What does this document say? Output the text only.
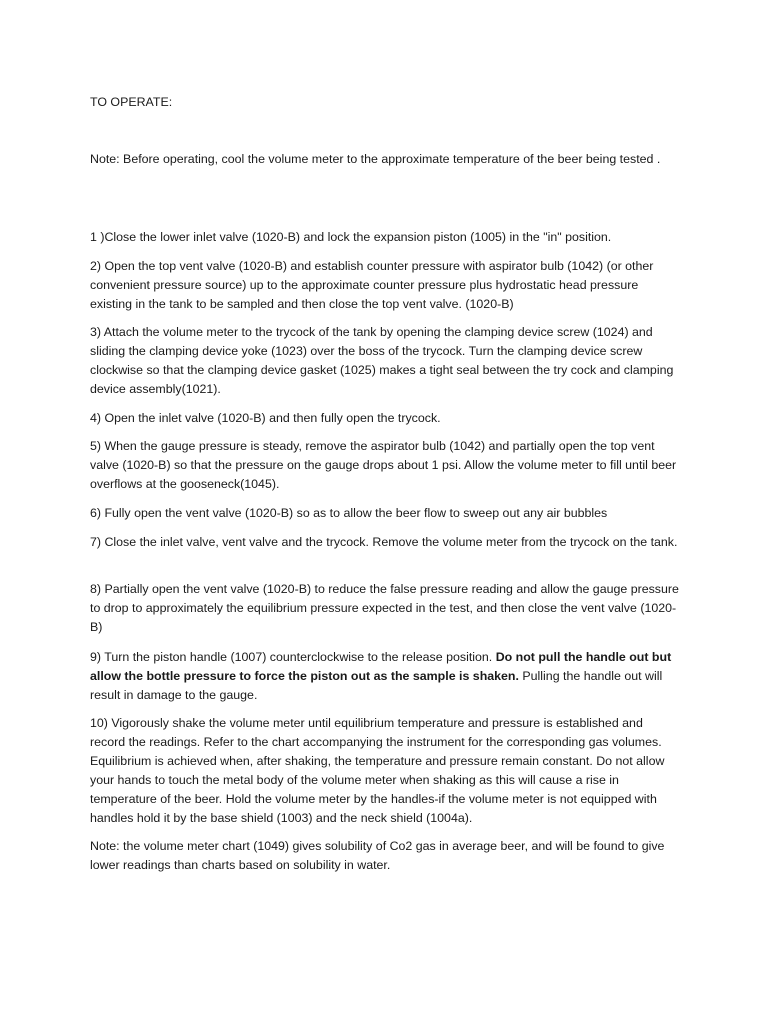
TO OPERATE:

Note: Before operating, cool the volume meter to the approximate temperature of the beer being tested .

1 )Close the lower inlet valve (1020-B) and lock the expansion piston (1005) in the "in" position.

2) Open the top vent valve (1020-B) and establish counter pressure with aspirator bulb (1042) (or other convenient pressure source) up to the approximate counter pressure plus hydrostatic head pressure existing in the tank to be sampled and then close the top vent valve. (1020-B)

3) Attach the volume meter to the trycock of the tank by opening the clamping device screw (1024) and sliding the clamping device yoke (1023) over the boss of the trycock. Turn the clamping device screw clockwise so that the clamping device gasket (1025) makes a tight seal between the try cock and clamping device assembly(1021).

4) Open the inlet valve (1020-B) and then fully open the trycock.

5) When the gauge pressure is steady, remove the aspirator bulb (1042) and partially open the top vent valve (1020-B) so that the pressure on the gauge drops about 1 psi. Allow the volume meter to fill until beer overflows at the gooseneck(1045).

6) Fully open the vent valve (1020-B) so as to allow the beer flow to sweep out any air bubbles

7) Close the inlet valve, vent valve and the trycock. Remove the volume meter from the trycock on the tank.

8) Partially open the vent valve (1020-B) to reduce the false pressure reading and allow the gauge pressure to drop to approximately the equilibrium pressure expected in the test, and then close the vent valve (1020-B)

9) Turn the piston handle (1007) counterclockwise to the release position. Do not pull the handle out but allow the bottle pressure to force the piston out as the sample is shaken. Pulling the handle out will result in damage to the gauge.

10) Vigorously shake the volume meter until equilibrium temperature and pressure is established and record the readings. Refer to the chart accompanying the instrument for the corresponding gas volumes. Equilibrium is achieved when, after shaking, the temperature and pressure remain constant. Do not allow your hands to touch the metal body of the volume meter when shaking as this will cause a rise in temperature of the beer. Hold the volume meter by the handles-if the volume meter is not equipped with handles hold it by the base shield (1003) and the neck shield (1004a).

Note: the volume meter chart (1049) gives solubility of Co2 gas in average beer, and will be found to give lower readings than charts based on solubility in water.
